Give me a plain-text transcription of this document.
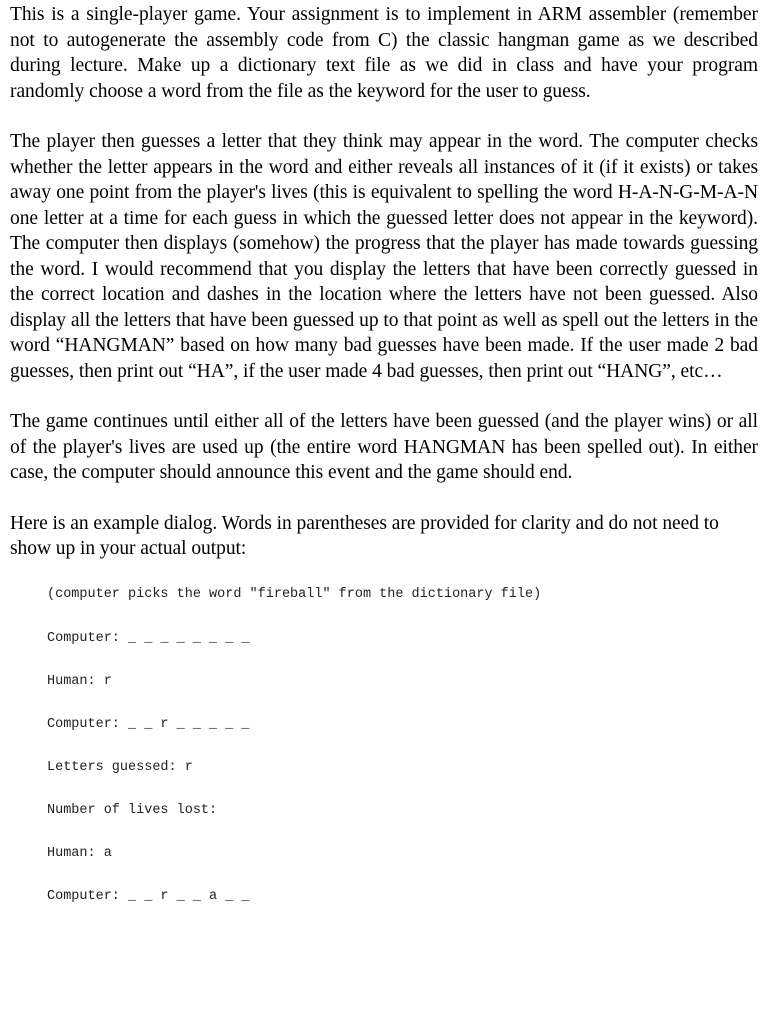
This is a single-player game. Your assignment is to implement in ARM assembler (remember not to autogenerate the assembly code from C) the classic hangman game as we described during lecture. Make up a dictionary text file as we did in class and have your program randomly choose a word from the file as the keyword for the user to guess.

The player then guesses a letter that they think may appear in the word. The computer checks whether the letter appears in the word and either reveals all instances of it (if it exists) or takes away one point from the player's lives (this is equivalent to spelling the word H-A-N-G-M-A-N one letter at a time for each guess in which the guessed letter does not appear in the keyword). The computer then displays (somehow) the progress that the player has made towards guessing the word. I would recommend that you display the letters that have been correctly guessed in the correct location and dashes in the location where the letters have not been guessed. Also display all the letters that have been guessed up to that point as well as spell out the letters in the word “HANGMAN” based on how many bad guesses have been made. If the user made 2 bad guesses, then print out “HA”, if the user made 4 bad guesses, then print out “HANG”, etc…

The game continues until either all of the letters have been guessed (and the player wins) or all of the player's lives are used up (the entire word HANGMAN has been spelled out). In either case, the computer should announce this event and the game should end.

Here is an example dialog. Words in parentheses are provided for clarity and do not need to show up in your actual output:

(computer picks the word "fireball" from the dictionary file)
Computer: _ _ _ _ _ _ _ _
Human: r
Computer: _ _ r _ _ _ _ _
Letters guessed: r
Number of lives lost:
Human: a
Computer: _ _ r _ _ a _ _
